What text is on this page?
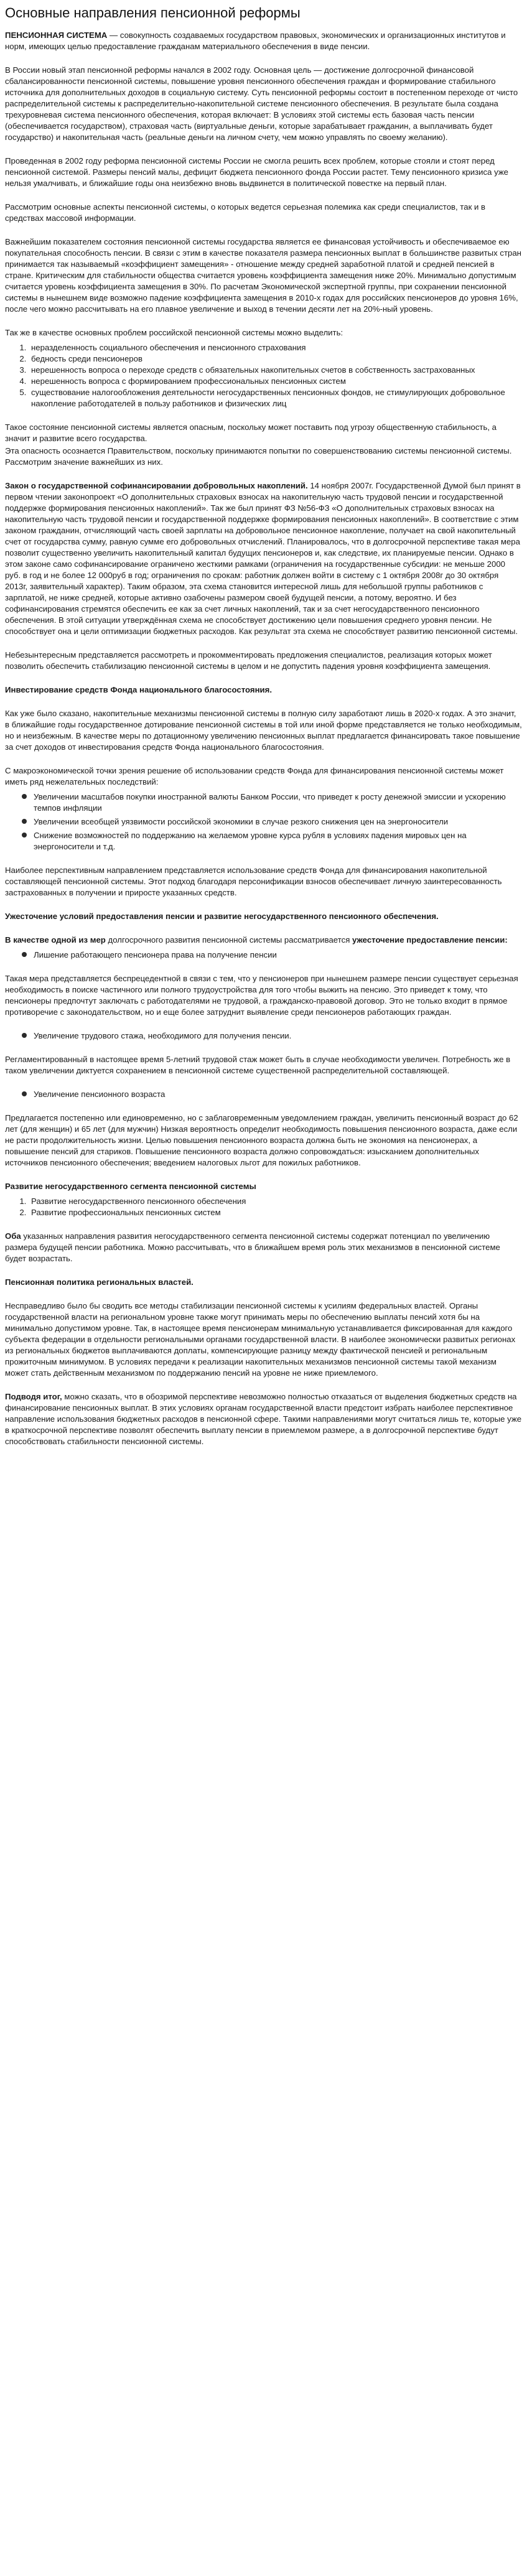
Основные направления пенсионной реформы

ПЕНСИОННАЯ СИСТЕМА — совокупность создаваемых государством правовых, экономических и организационных институтов и норм, имеющих целью предоставление гражданам материального обеспечения в виде пенсии.

В России новый этап пенсионной реформы начался в 2002 году. Основная цель — достижение долгосрочной финансовой сбалансированности пенсионной системы, повышение уровня пенсионного обеспечения граждан и формирование стабильного источника для дополнительных доходов в социальную систему. Суть пенсионной реформы состоит в постепенном переходе от чисто распределительной системы к распределительно-накопительной системе пенсионного обеспечения. В результате была создана трехуровневая система пенсионного обеспечения, которая включает: В условиях этой системы есть базовая часть пенсии (обеспечивается государством), страховая часть (виртуальные деньги, которые зарабатывает гражданин, а выплачивать будет государство) и накопительная часть (реальные деньги на личном счету, чем можно управлять по своему желанию).

Проведенная в 2002 году реформа пенсионной системы России не смогла решить всех проблем, которые стояли и стоят перед пенсионной системой. Размеры пенсий малы, дефицит бюджета пенсионного фонда России растет. Тему пенсионного кризиса уже нельзя умалчивать, и ближайшие годы она неизбежно вновь выдвинется в политической повестке на первый план.

Рассмотрим основные аспекты пенсионной системы, о которых ведется серьезная полемика как среди специалистов, так и в средствах массовой информации.

Важнейшим показателем состояния пенсионной системы государства является ее финансовая устойчивость и обеспечиваемое ею покупательная способность пенсии. В связи с этим в качестве показателя размера пенсионных выплат в большинстве развитых стран принимается так называемый «коэффициент замещения» - отношение между средней заработной платой и средней пенсией в стране. Критическим для стабильности общества считается уровень коэффициента замещения ниже 20%. Минимально допустимым считается уровень коэффициента замещения в 30%. По расчетам Экономической экспертной группы, при сохранении пенсионной системы в нынешнем виде возможно падение коэффициента замещения в 2010-х годах для российских пенсионеров до уровня 16%, после чего можно рассчитывать на его плавное увеличение и выход в течении десяти лет на 20%-ный уровень.

Так же в качестве основных проблем российской пенсионной системы можно выделить:

1. неразделенность социального обеспечения и пенсионного страхования
2. бедность среди пенсионеров
3. нерешенность вопроса о переходе средств с обязательных накопительных счетов в собственность застрахованных
4. нерешенность вопроса с формированием профессиональных пенсионных систем
5. существование налогообложения деятельности негосударственных пенсионных фондов, не стимулирующих добровольное накопление работодателей в пользу работников и физических лиц

Такое состояние пенсионной системы является опасным, поскольку может поставить под угрозу общественную стабильность, а значит и развитие всего государства.

Эта опасность осознается Правительством, поскольку принимаются попытки по совершенствованию системы пенсионной системы. Рассмотрим значение важнейших из них.

Закон о государственной софинансировании добровольных накоплений. 14 ноября 2007г. Государственной Думой был принят в первом чтении законопроект «О дополнительных страховых взносах на накопительную часть трудовой пенсии и государственной поддержке формирования пенсионных накоплений». Так же был принят ФЗ №56-ФЗ «О дополнительных страховых взносах на накопительную часть трудовой пенсии и государственной поддержке формирования пенсионных накоплений». В соответствие с этим законом гражданин, отчисляющий часть своей зарплаты на добровольное пенсионное накопление, получает на свой накопительный счет от государства сумму, равную сумме его добровольных отчислений. Планировалось, что в долгосрочной перспективе такая мера позволит существенно увеличить накопительный капитал будущих пенсионеров и, как следствие, их планируемые пенсии. Однако в этом законе само софинансирование ограничено жесткими рамками (ограничения на государственные субсидии: не меньше 2000 руб. в год и не более 12 000руб в год; ограничения по срокам: работник должен войти в систему с 1 октября 2008г до 30 октября 2013г, заявительный характер). Таким образом, эта схема становится интересной лишь для небольшой группы работников с зарплатой, не ниже средней, которые активно озабочены размером своей будущей пенсии, а потому, вероятно. И без софинансирования стремятся обеспечить ее как за счет личных накоплений, так и за счет негосударственного пенсионного обеспечения. В этой ситуации утверждённая схема не способствует достижению цели повышения среднего уровня пенсии. Не способствует она и цели оптимизации бюджетных расходов. Как результат эта схема не способствует развитию пенсионной системы.

Небезынтересным представляется рассмотреть и прокомментировать предложения специалистов, реализация которых может позволить обеспечить стабилизацию пенсионной системы в целом и не допустить падения уровня коэффициента замещения.

Инвестирование средств Фонда национального благосостояния.

Как уже было сказано, накопительные механизмы пенсионной системы в полную силу заработают лишь в 2020-х годах. А это значит, в ближайшие годы государственное дотирование пенсионной системы в той или иной форме представляется не только необходимым, но и неизбежным. В качестве меры по дотационному увеличению пенсионных выплат предлагается финансировать такое повышение за счет доходов от инвестирования средств Фонда национального благосостояния.

С макроэкономической точки зрения решение об использовании средств Фонда для финансирования пенсионной системы может иметь ряд нежелательных последствий:

Увеличении масштабов покупки иностранной валюты Банком России, что приведет к росту денежной эмиссии и ускорению темпов инфляции
Увеличении всеобщей уязвимости российской экономики в случае резкого снижения цен на энергоносители
Снижение возможностей по поддержанию на желаемом уровне курса рубля в условиях падения мировых цен на энергоносители и т.д.

Наиболее перспективным направлением представляется использование средств Фонда для финансирования накопительной составляющей пенсионной системы. Этот подход благодаря персонификации взносов обеспечивает личную заинтересованность застрахованных в получении и приросте указанных средств.

Ужесточение условий предоставления пенсии и развитие негосударственного пенсионного обеспечения.

В качестве одной из мер долгосрочного развития пенсионной системы рассматривается ужесточение предоставление пенсии:

Лишение работающего пенсионера права на получение пенсии

Такая мера представляется беспрецедентной в связи с тем, что у пенсионеров при нынешнем размере пенсии существует серьезная необходимость в поиске частичного или полного трудоустройства для того чтобы выжить на пенсию. Это приведет к тому, что пенсионеры предпочтут заключать с работодателями не трудовой, а гражданско-правовой договор. Это не только входит в прямое противоречие с законодательством, но и еще более затруднит выявление среди пенсионеров работающих граждан.

Увеличение трудового стажа, необходимого для получения пенсии.

Регламентированный в настоящее время 5-летний трудовой стаж может быть в случае необходимости увеличен. Потребность же в таком увеличении диктуется сохранением в пенсионной системе существенной распределительной составляющей.

Увеличение пенсионного возраста

Предлагается постепенно или единовременно, но с заблаговременным уведомлением граждан, увеличить пенсионный возраст до 62 лет (для женщин) и 65 лет (для мужчин) Низкая вероятность определит необходимость повышения пенсионного возраста, даже если не расти продолжительность жизни. Целью повышения пенсионного возраста должна быть не экономия на пенсионерах, а повышение пенсий для стариков. Повышение пенсионного возраста должно сопровождаться: изысканием дополнительных источников пенсионного обеспечения; введением налоговых льгот для пожилых работников.

Развитие негосударственного сегмента пенсионной системы

1. Развитие негосударственного пенсионного обеспечения
2. Развитие профессиональных пенсионных систем

Оба указанных направления развития негосударственного сегмента пенсионной системы содержат потенциал по увеличению размера будущей пенсии работника. Можно рассчитывать, что в ближайшем время роль этих механизмов в пенсионной системе будет возрастать.

Пенсионная политика региональных властей.

Несправедливо было бы сводить все методы стабилизации пенсионной системы к усилиям федеральных властей. Органы государственной власти на региональном уровне также могут принимать меры по обеспечению выплаты пенсий хотя бы на минимально допустимом уровне. Так, в настоящее время пенсионерам минимальную устанавливается фиксированная для каждого субъекта федерации в отдельности региональными органами государственной власти. В наиболее экономически развитых регионах из региональных бюджетов выплачиваются доплаты, компенсирующие разницу между фактической пенсией и региональным прожиточным минимумом. В условиях передачи к реализации накопительных механизмов пенсионной системы такой механизм может стать действенным механизмом по поддержанию пенсий на уровне не ниже приемлемого.

Подводя итог, можно сказать, что в обозримой перспективе невозможно полностью отказаться от выделения бюджетных средств на финансирование пенсионных выплат. В этих условиях органам государственной власти предстоит избрать наиболее перспективное направление использования бюджетных расходов в пенсионной сфере. Такими направлениями могут считаться лишь те, которые уже в краткосрочной перспективе позволят обеспечить выплату пенсии в приемлемом размере, а в долгосрочной перспективе будут способствовать стабильности пенсионной системы.
